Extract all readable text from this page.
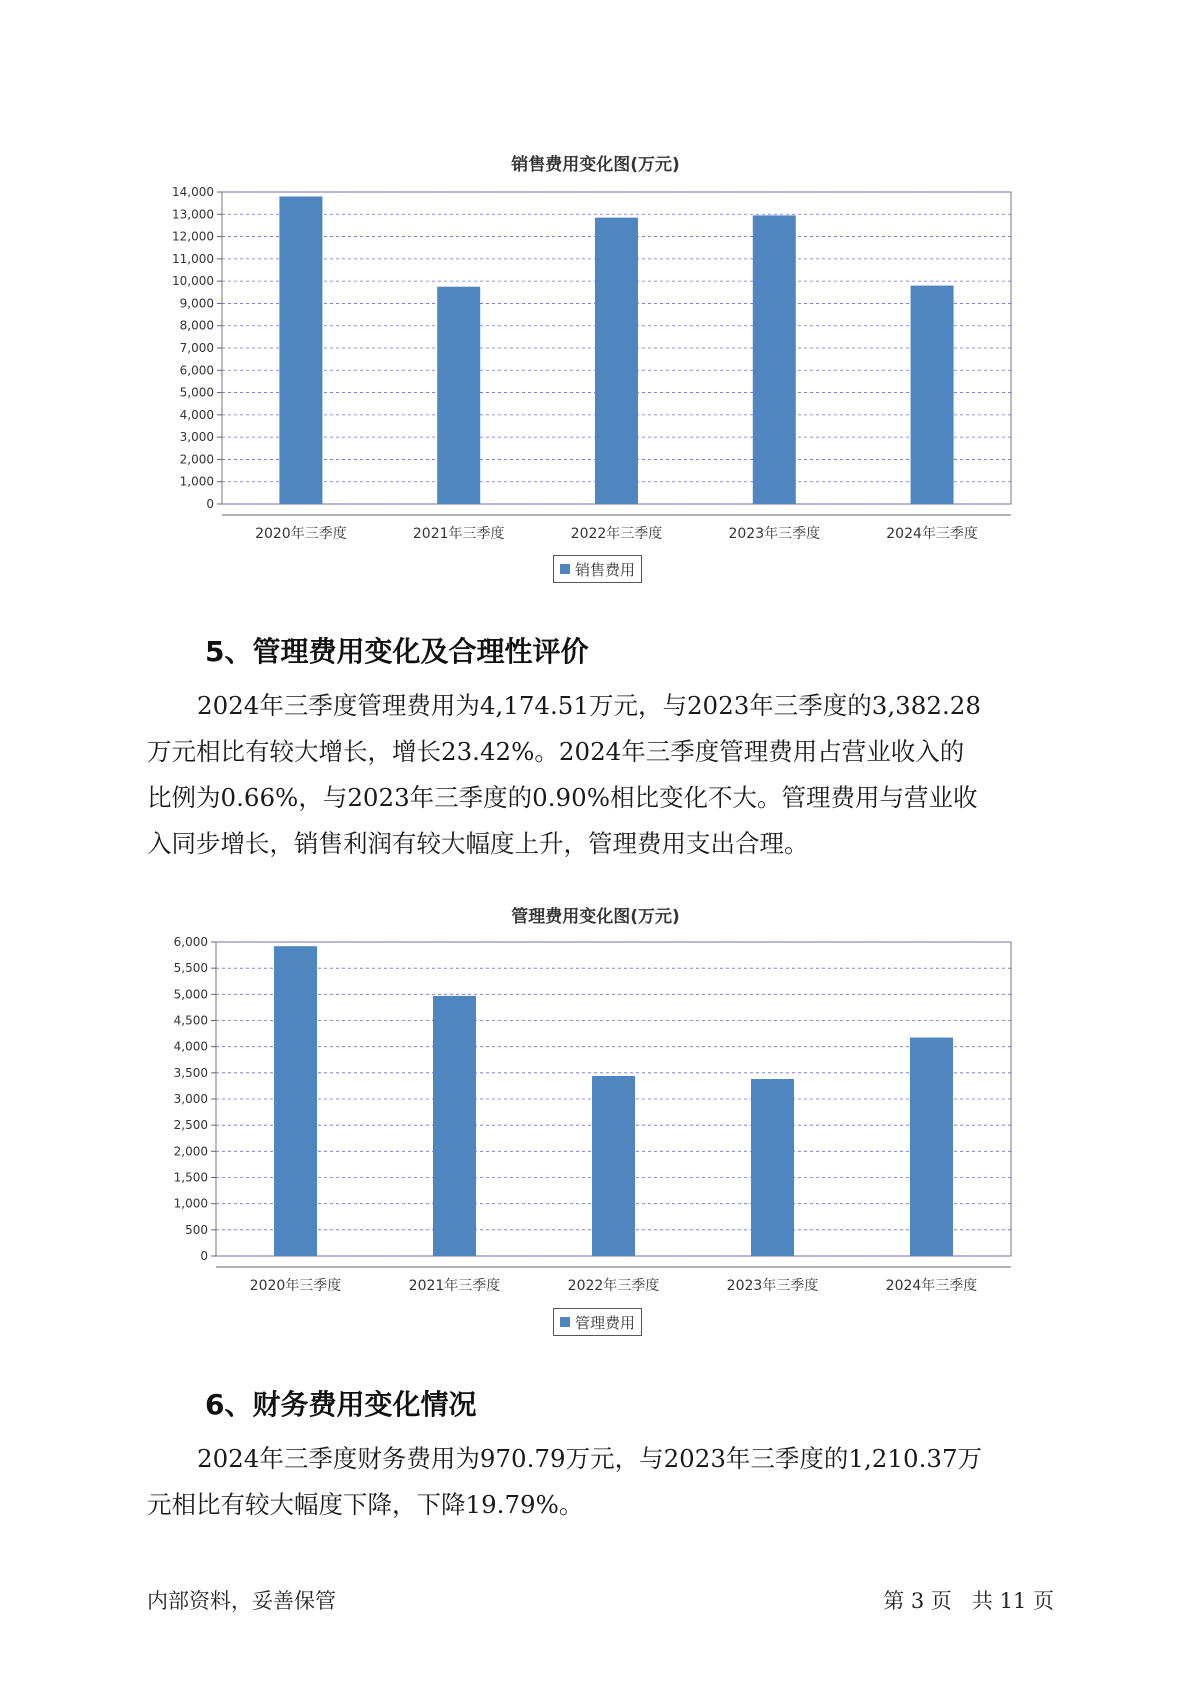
销售费用变化图(万元)
0
1,000
2,000
3,000
4,000
5,000
6,000
7,000
8,000
9,000
10,000
11,000
12,000
13,000
14,000
2020年三季度	2021年三季度	2022年三季度	2023年三季度	2024年三季度
销售费用
5、管理费用变化及合理性评价
2024年三季度管理费用为4,174.51万元，与2023年三季度的3,382.28
万元相比有较大增长，增长23.42%。2024年三季度管理费用占营业收入的
比例为0.66%，与2023年三季度的0.90%相比变化不大。管理费用与营业收
入同步增长，销售利润有较大幅度上升，管理费用支出合理。
管理费用变化图(万元)
0
500
1,000
1,500
2,000
2,500
3,000
3,500
4,000
4,500
5,000
5,500
6,000
2020年三季度	2021年三季度	2022年三季度	2023年三季度	2024年三季度
管理费用
6、财务费用变化情况
2024年三季度财务费用为970.79万元，与2023年三季度的1,210.37万
元相比有较大幅度下降，下降19.79%。
内部资料，妥善保管	第 3 页   共 11 页
